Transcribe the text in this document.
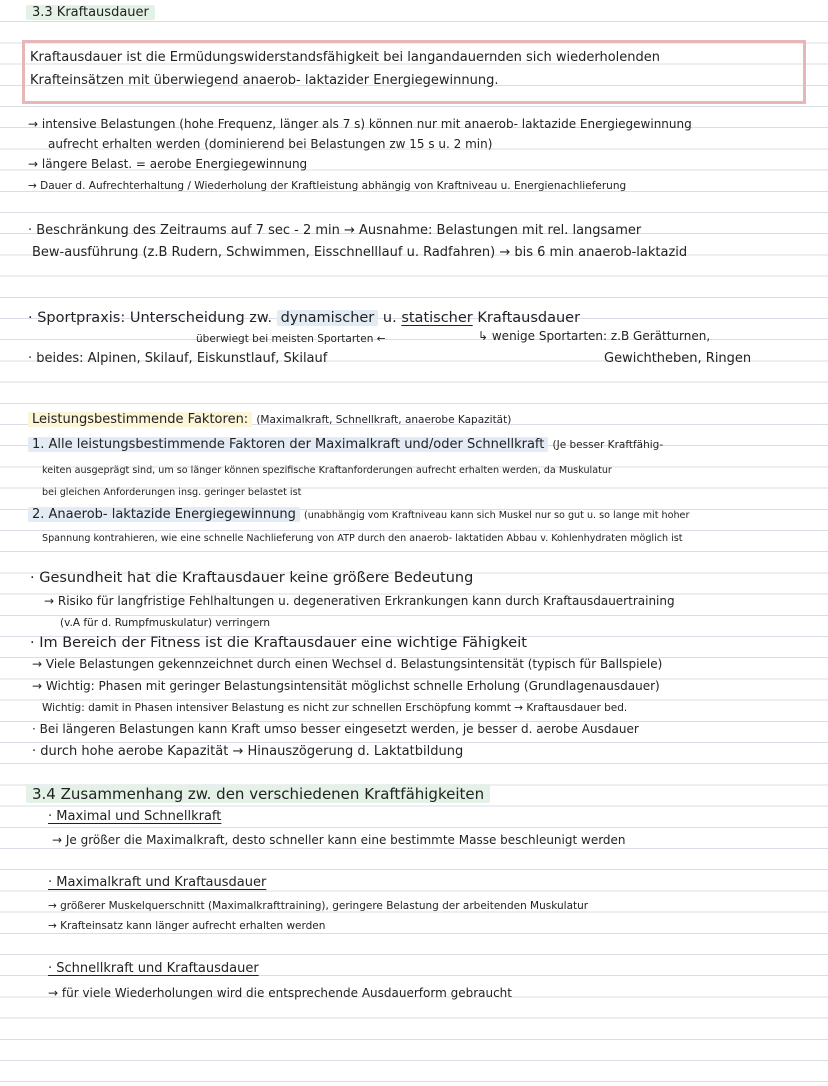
3.3 Kraftausdauer
Kraftausdauer ist die Ermüdungswiderstandsfähigkeit bei langandauernden sich wiederholenden
Krafteinsätzen mit überwiegend anaerob- laktazider Energiegewinnung.
→ intensive Belastungen (hohe Frequenz, länger als 7 s) können nur mit anaerob- laktazide Energiegewinnung
aufrecht erhalten werden (dominierend bei Belastungen zw 15 s u. 2 min)
→ längere Belast. = aerobe Energiegewinnung
→ Dauer d. Aufrechterhaltung / Wiederholung der Kraftleistung abhängig von Kraftniveau u. Energienachlieferung
· Beschränkung des Zeitraums auf 7 sec - 2 min → Ausnahme: Belastungen mit rel. langsamer
Bew-ausführung (z.B Rudern, Schwimmen, Eisschnelllauf u. Radfahren) → bis 6 min anaerob-laktazid
· Sportpraxis: Unterscheidung zw. dynamischer u. statischer Kraftausdauer
überwiegt bei meisten Sportarten ←	↳ wenige Sportarten: z.B Gerätturnen,
Gewichtheben, Ringen
· beides: Alpinen, Skilauf, Eiskunstlauf, Skilauf
Leistungsbestimmende Faktoren: (Maximalkraft, Schnellkraft, anaerobe Kapazität)
1. Alle leistungsbestimmende Faktoren der Maximalkraft und/oder Schnellkraft (Je besser Kraftfähig-
keiten ausgeprägt sind, um so länger können spezifische Kraftanforderungen aufrecht erhalten werden, da Muskulatur
bei gleichen Anforderungen insg. geringer belastet ist
2. Anaerob- laktazide Energiegewinnung (unabhängig vom Kraftniveau kann sich Muskel nur so gut u. so lange mit hoher
Spannung kontrahieren, wie eine schnelle Nachlieferung von ATP durch den anaerob- laktatiden Abbau v. Kohlenhydraten möglich ist
· Gesundheit hat die Kraftausdauer keine größere Bedeutung
→ Risiko für langfristige Fehlhaltungen u. degenerativen Erkrankungen kann durch Kraftausdauertraining
(v.A für d. Rumpfmuskulatur) verringern
· Im Bereich der Fitness ist die Kraftausdauer eine wichtige Fähigkeit
→ Viele Belastungen gekennzeichnet durch einen Wechsel d. Belastungsintensität (typisch für Ballspiele)
→ Wichtig: Phasen mit geringer Belastungsintensität möglichst schnelle Erholung (Grundlagenausdauer)
Wichtig: damit in Phasen intensiver Belastung es nicht zur schnellen Erschöpfung kommt → Kraftausdauer bed.
· Bei längeren Belastungen kann Kraft umso besser eingesetzt werden, je besser d. aerobe Ausdauer
· durch hohe aerobe Kapazität → Hinauszögerung d. Laktatbildung
3.4 Zusammenhang zw. den verschiedenen Kraftfähigkeiten
· Maximal und Schnellkraft
→ Je größer die Maximalkraft, desto schneller kann eine bestimmte Masse beschleunigt werden
· Maximalkraft und Kraftausdauer
→ größerer Muskelquerschnitt (Maximalkrafttraining), geringere Belastung der arbeitenden Muskulatur
→ Krafteinsatz kann länger aufrecht erhalten werden
· Schnellkraft und Kraftausdauer
→ für viele Wiederholungen wird die entsprechende Ausdauerform gebraucht
